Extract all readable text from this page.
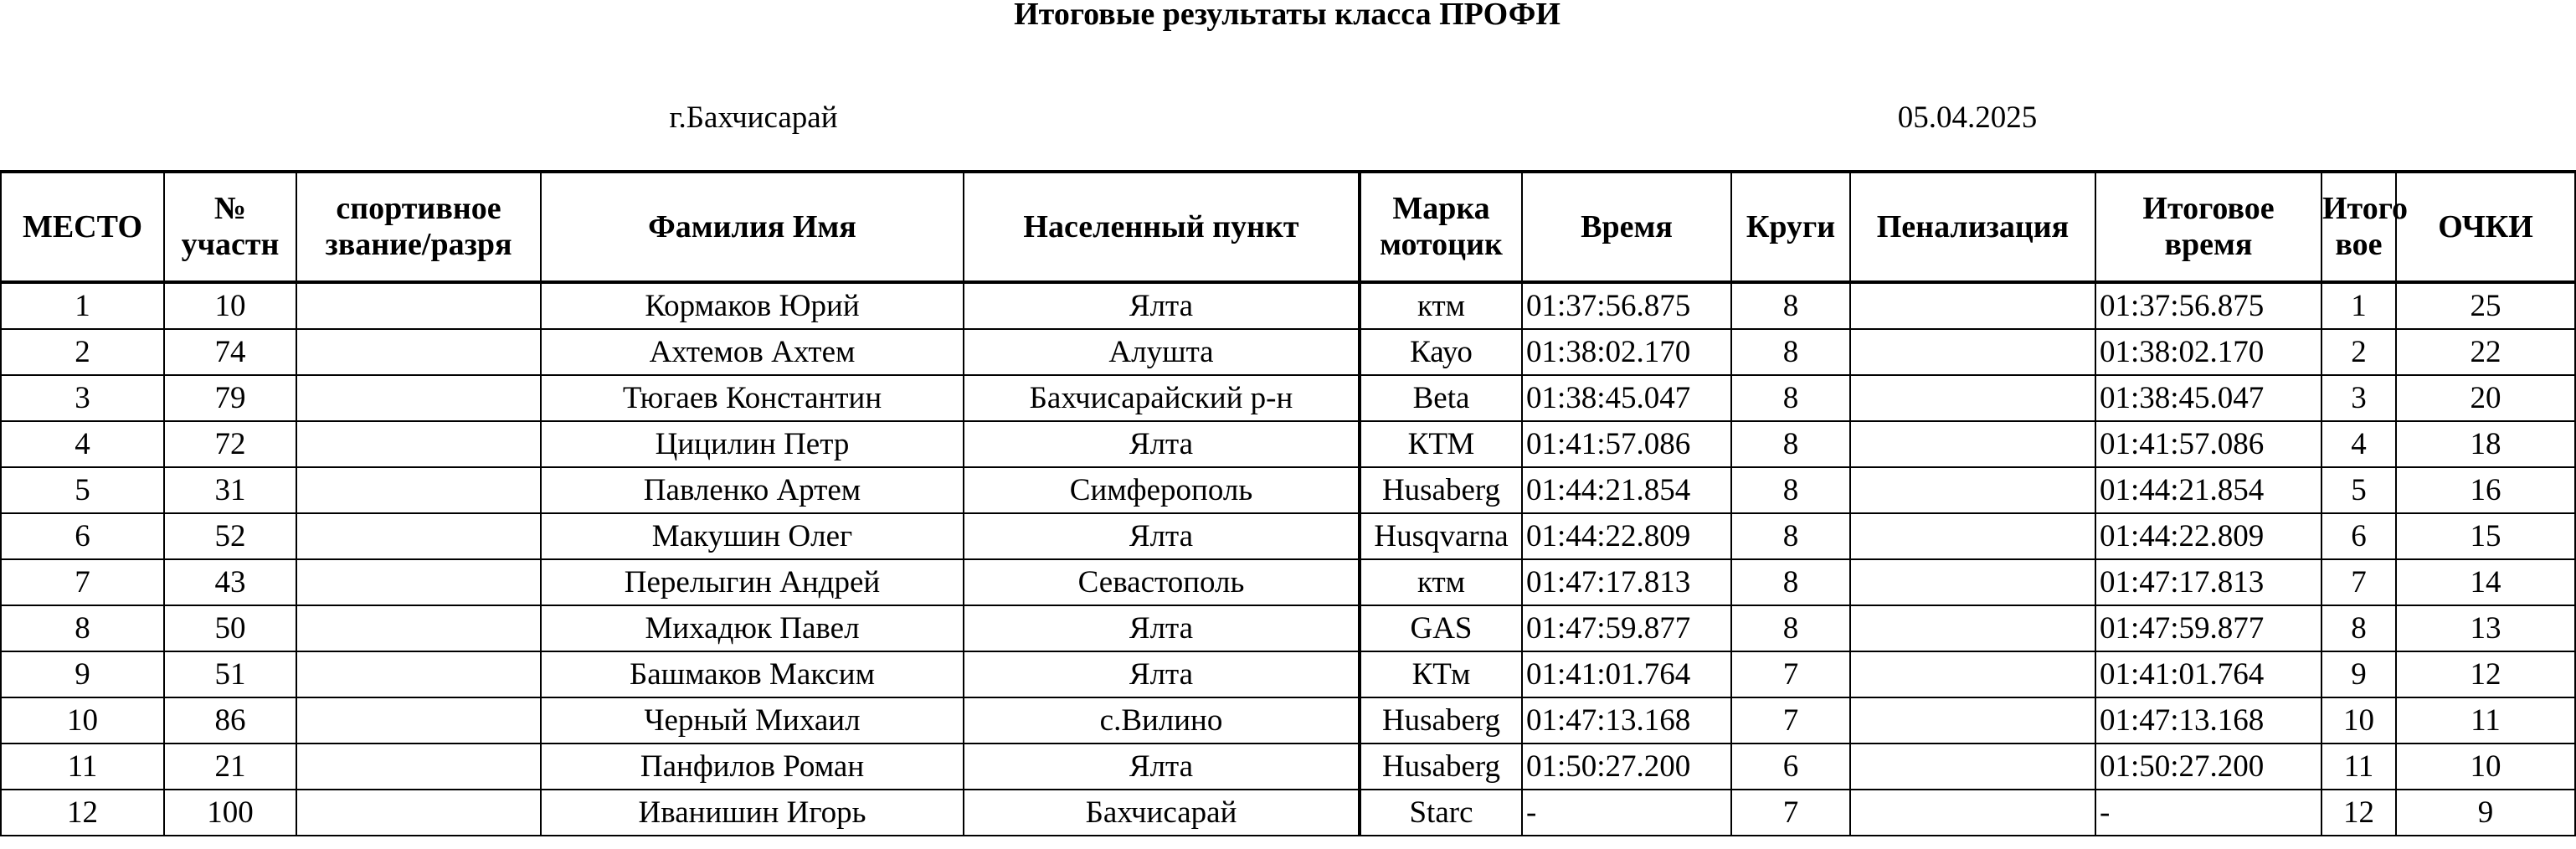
Итоговые результаты класса ПРОФИ
г.Бахчисарай	05.04.2025
МЕСТО	№ участн	спортивное звание/разря	Фамилия Имя	Населенный пункт	Марка мотоцик	Время	Круги	Пенализация	Итоговое время	Итого вое	ОЧКИ
1	10		Кормаков Юрий	Ялта	ктм	01:37:56.875	8		01:37:56.875	1	25
2	74		Ахтемов Ахтем	Алушта	Кауо	01:38:02.170	8		01:38:02.170	2	22
3	79		Тюгаев Константин	Бахчисарайский р-н	Beta	01:38:45.047	8		01:38:45.047	3	20
4	72		Цицилин Петр	Ялта	КТМ	01:41:57.086	8		01:41:57.086	4	18
5	31		Павленко Артем	Симферополь	Husaberg	01:44:21.854	8		01:44:21.854	5	16
6	52		Макушин Олег	Ялта	Husqvarna	01:44:22.809	8		01:44:22.809	6	15
7	43		Перелыгин Андрей	Севастополь	ктм	01:47:17.813	8		01:47:17.813	7	14
8	50		Михадюк Павел	Ялта	GAS	01:47:59.877	8		01:47:59.877	8	13
9	51		Башмаков Максим	Ялта	КТм	01:41:01.764	7		01:41:01.764	9	12
10	86		Черный Михаил	с.Вилино	Husaberg	01:47:13.168	7		01:47:13.168	10	11
11	21		Панфилов Роман	Ялта	Husaberg	01:50:27.200	6		01:50:27.200	11	10
12	100		Иванишин Игорь	Бахчисарай	Starc	-	7		-	12	9
